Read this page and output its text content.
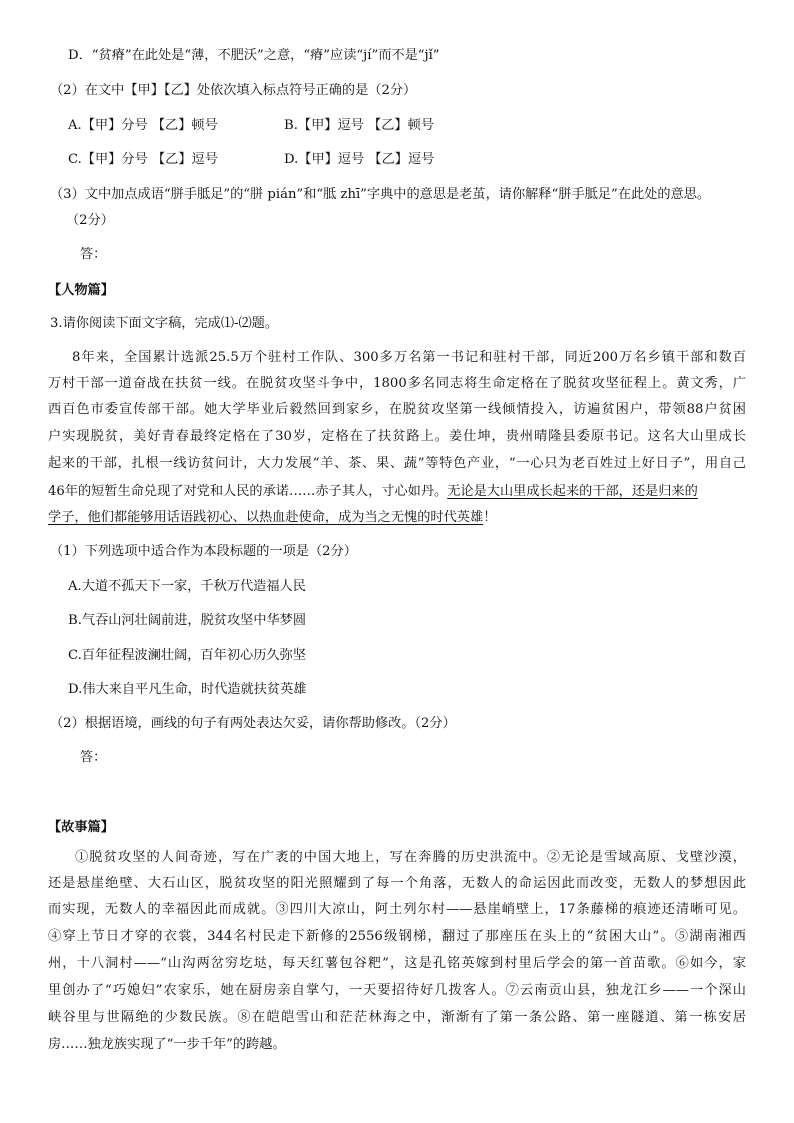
D．“贫瘠”在此处是“薄，不肥沃”之意，“瘠”应读“jí”而不是“jǐ”
（2）在文中【甲】【乙】处依次填入标点符号正确的是（2分）
A.【甲】分号 【乙】顿号	B.【甲】逗号 【乙】顿号
C.【甲】分号 【乙】逗号	D.【甲】逗号 【乙】逗号
（3）文中加点成语“胼手胝足”的“胼 pián”和“胝 zhī”字典中的意思是老茧，请你解释“胼手胝足”在此处的意思。
（2分）
答：
【人物篇】
3.请你阅读下面文字稿，完成⑴-⑵题。
8年来，全国累计选派25.5万个驻村工作队、300多万名第一书记和驻村干部，同近200万名乡镇干部和数百
万村干部一道奋战在扶贫一线。在脱贫攻坚斗争中，1800多名同志将生命定格在了脱贫攻坚征程上。黄文秀，广
西百色市委宣传部干部。她大学毕业后毅然回到家乡，在脱贫攻坚第一线倾情投入，访遍贫困户，带领88户贫困
户实现脱贫，美好青春最终定格在了30岁，定格在了扶贫路上。姜仕坤，贵州晴隆县委原书记。这名大山里成长
起来的干部，扎根一线访贫问计，大力发展“羊、茶、果、蔬”等特色产业，“一心只为老百姓过上好日子”，用自己
46年的短暂生命兑现了对党和人民的承诺……赤子其人，寸心如丹。无论是大山里成长起来的干部，还是归来的
学子，他们都能够用话语践初心、以热血赴使命，成为当之无愧的时代英雄！
（1）下列选项中适合作为本段标题的一项是（2分）
A.大道不孤天下一家，千秋万代造福人民
B.气吞山河壮阔前进，脱贫攻坚中华梦圆
C.百年征程波澜壮阔，百年初心历久弥坚
D.伟大来自平凡生命，时代造就扶贫英雄
（2）根据语境，画线的句子有两处表达欠妥，请你帮助修改。（2分）
答：
【故事篇】
①脱贫攻坚的人间奇迹，写在广袤的中国大地上，写在奔腾的历史洪流中。②无论是雪域高原、戈壁沙漠，
还是悬崖绝壁、大石山区，脱贫攻坚的阳光照耀到了每一个角落，无数人的命运因此而改变，无数人的梦想因此
而实现，无数人的幸福因此而成就。③四川大凉山，阿土列尔村——悬崖峭壁上，17条藤梯的痕迹还清晰可见。
④穿上节日才穿的衣裳，344名村民走下新修的2556级钢梯，翻过了那座压在头上的“贫困大山”。⑤湖南湘西
州，十八洞村——“山沟两岔穷圪垯，每天红薯包谷粑”，这是孔铭英嫁到村里后学会的第一首苗歌。⑥如今，家
里创办了“巧媳妇”农家乐，她在厨房亲自掌勺，一天要招待好几拨客人。⑦云南贡山县，独龙江乡——一个深山
峡谷里与世隔绝的少数民族。⑧在皑皑雪山和茫茫林海之中，渐渐有了第一条公路、第一座隧道、第一栋安居
房……独龙族实现了“一步千年”的跨越。
